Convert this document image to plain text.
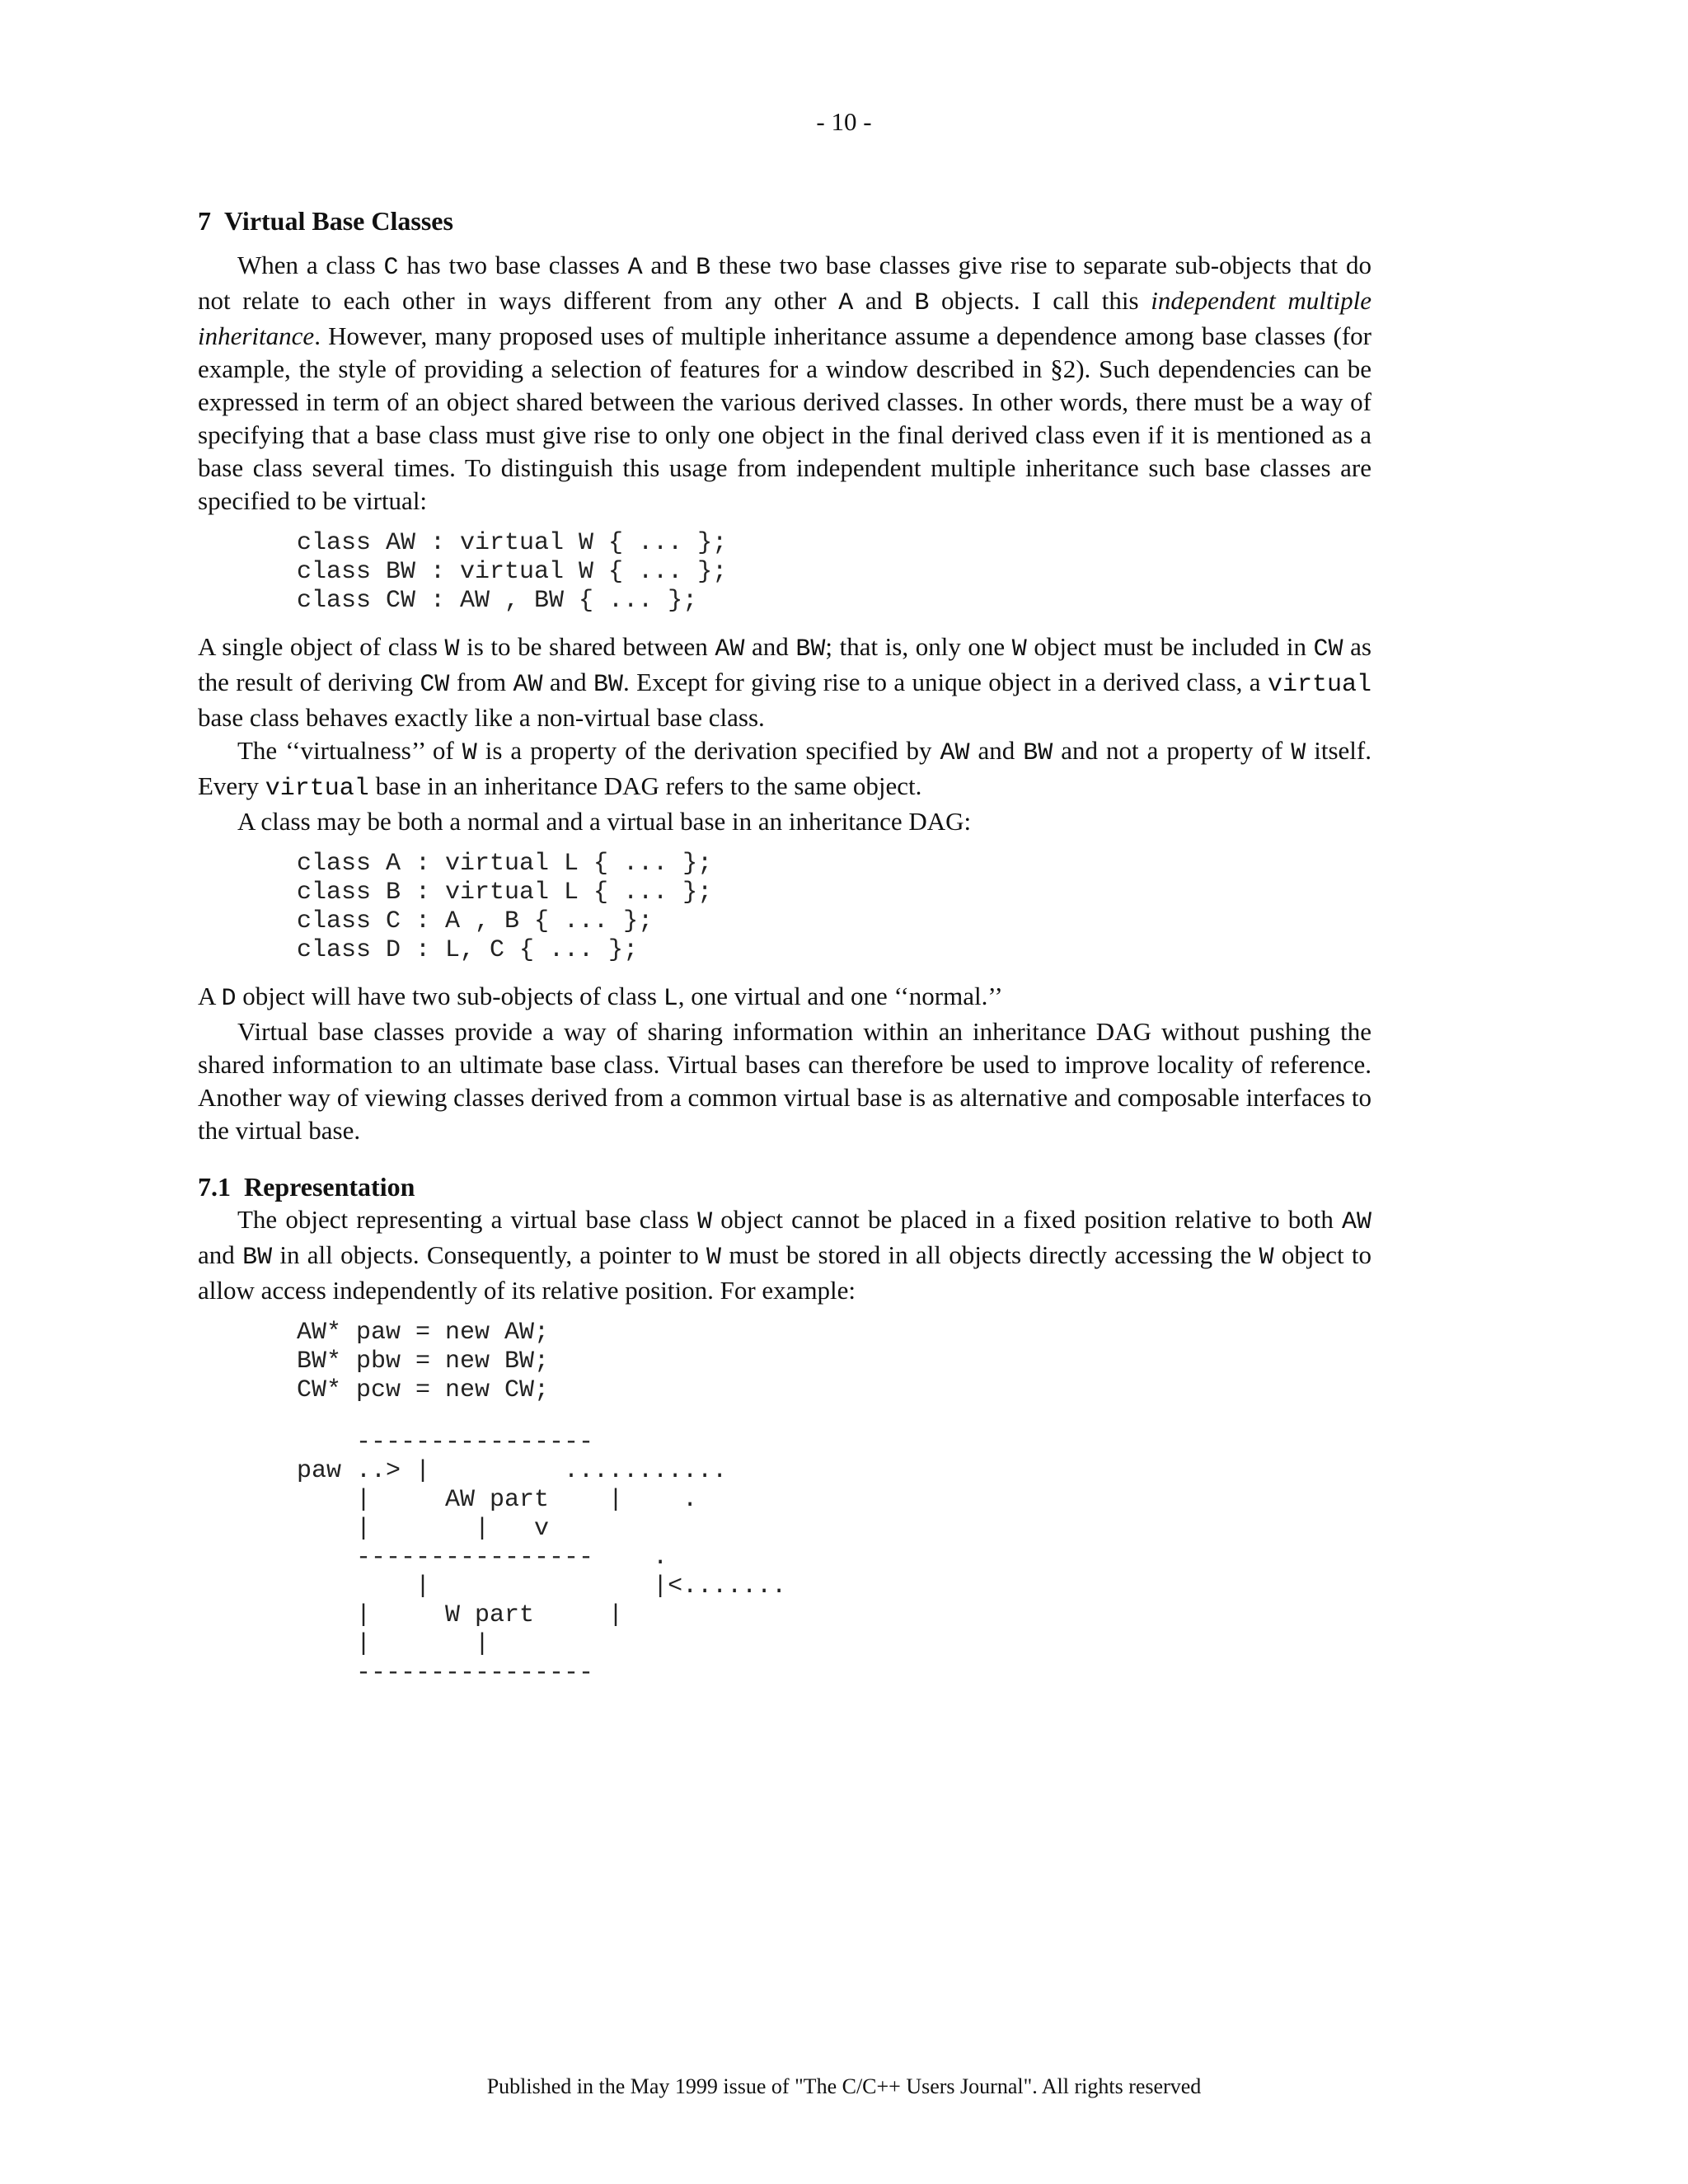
- 10 -
7 Virtual Base Classes

When a class C has two base classes A and B these two base classes give rise to separate sub-objects that do not relate to each other in ways different from any other A and B objects. I call this independent multiple inheritance. However, many proposed uses of multiple inheritance assume a dependence among base classes (for example, the style of providing a selection of features for a window described in §2). Such dependencies can be expressed in term of an object shared between the various derived classes. In other words, there must be a way of specifying that a base class must give rise to only one object in the final derived class even if it is mentioned as a base class several times. To distinguish this usage from independent multiple inheritance such base classes are specified to be virtual:

class AW : virtual W { ... };
class BW : virtual W { ... };
class CW : AW , BW { ... };

A single object of class W is to be shared between AW and BW; that is, only one W object must be included in CW as the result of deriving CW from AW and BW. Except for giving rise to a unique object in a derived class, a virtual base class behaves exactly like a non-virtual base class.

The ‘‘virtualness’’ of W is a property of the derivation specified by AW and BW and not a property of W itself. Every virtual base in an inheritance DAG refers to the same object.

A class may be both a normal and a virtual base in an inheritance DAG:

class A : virtual L { ... };
class B : virtual L { ... };
class C : A , B { ... };
class D : L, C { ... };

A D object will have two sub-objects of class L, one virtual and one ‘‘normal.’’

Virtual base classes provide a way of sharing information within an inheritance DAG without pushing the shared information to an ultimate base class. Virtual bases can therefore be used to improve locality of reference. Another way of viewing classes derived from a common virtual base is as alternative and composable interfaces to the virtual base.

7.1 Representation

The object representing a virtual base class W object cannot be placed in a fixed position relative to both AW and BW in all objects. Consequently, a pointer to W must be stored in all objects directly accessing the W object to allow access independently of its relative position. For example:

AW* paw = new AW;
BW* pbw = new BW;
CW* pcw = new CW;
----------------
paw ..> |         ...........
|     AW part    |    .
|       |   v
----------------    .
|               |<.......
|     W part     |
|       |
----------------
Published in the May 1999 issue of "The C/C++ Users Journal". All rights reserved
